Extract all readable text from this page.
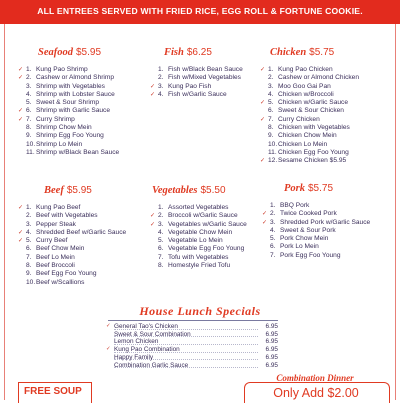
ALL ENTREES SERVED WITH FRIED RICE, EGG ROLL & FORTUNE COOKIE.
Seafood $5.95
✓ 1. Kung Pao Shrimp
✓ 2. Cashew or Almond Shrimp
3. Shrimp with Vegetables
4. Shrimp with Lobster Sauce
5. Sweet & Sour Shrimp
✓ 6. Shrimp with Garlic Sauce
✓ 7. Curry Shrimp
8. Shrimp Chow Mein
9. Shrimp Egg Foo Young
10.Shrimp Lo Mein
11.Shrimp w/Black Bean Sauce
Fish $6.25
1. Fish w/Black Bean Sauce
2. Fish w/Mixed Vegetables
✓ 3. Kung Pao Fish
✓ 4. Fish w/Garlic Sauce
Chicken $5.75
✓ 1. Kung Pao Chicken
2. Cashew or Almond Chicken
3. Moo Goo Gai Pan
4. Chicken w/Broccoli
✓ 5. Chicken w/Garlic Sauce
6. Sweet & Sour Chicken
✓ 7. Curry Chicken
8. Chicken with Vegetables
9. Chicken Chow Mein
10.Chicken Lo Mein
11.Chicken Egg Foo Young
✓ 12.Sesame Chicken $5.95
Beef $5.95
✓ 1. Kung Pao Beef
2. Beef with Vegetables
3. Pepper Steak
✓ 4. Shredded Beef w/Garlic Sauce
✓ 5. Curry Beef
6. Beef Chow Mein
7. Beef Lo Mein
8. Beef Broccoli
9. Beef Egg Foo Young
10.Beef w/Scallions
Vegetables $5.50
1. Assorted Vegetables
✓ 2. Broccoli w/Garlic Sauce
✓ 3. Vegetables w/Garlic Sauce
4. Vegetable Chow Mein
5. Vegetable Lo Mein
6. Vegetable Egg Foo Young
7. Tofu with Vegetables
8. Homestyle Fried Tofu
Pork $5.75
1. BBQ Pork
✓ 2. Twice Cooked Pork
✓ 3. Shredded Pork w/Garlic Sauce
4. Sweet & Sour Pork
5. Pork Chow Mein
6. Pork Lo Mein
7. Pork Egg Foo Young
House Lunch Specials
✓ General Tao's Chicken	6.95
Sweet & Sour Combination	6.95
Lemon Chicken	6.95
✓ Kung Pao Combination	6.95
Happy Family	6.95
Combination Garlic Sauce	6.95
FREE SOUP
Combination Dinner
Only Add $2.00
